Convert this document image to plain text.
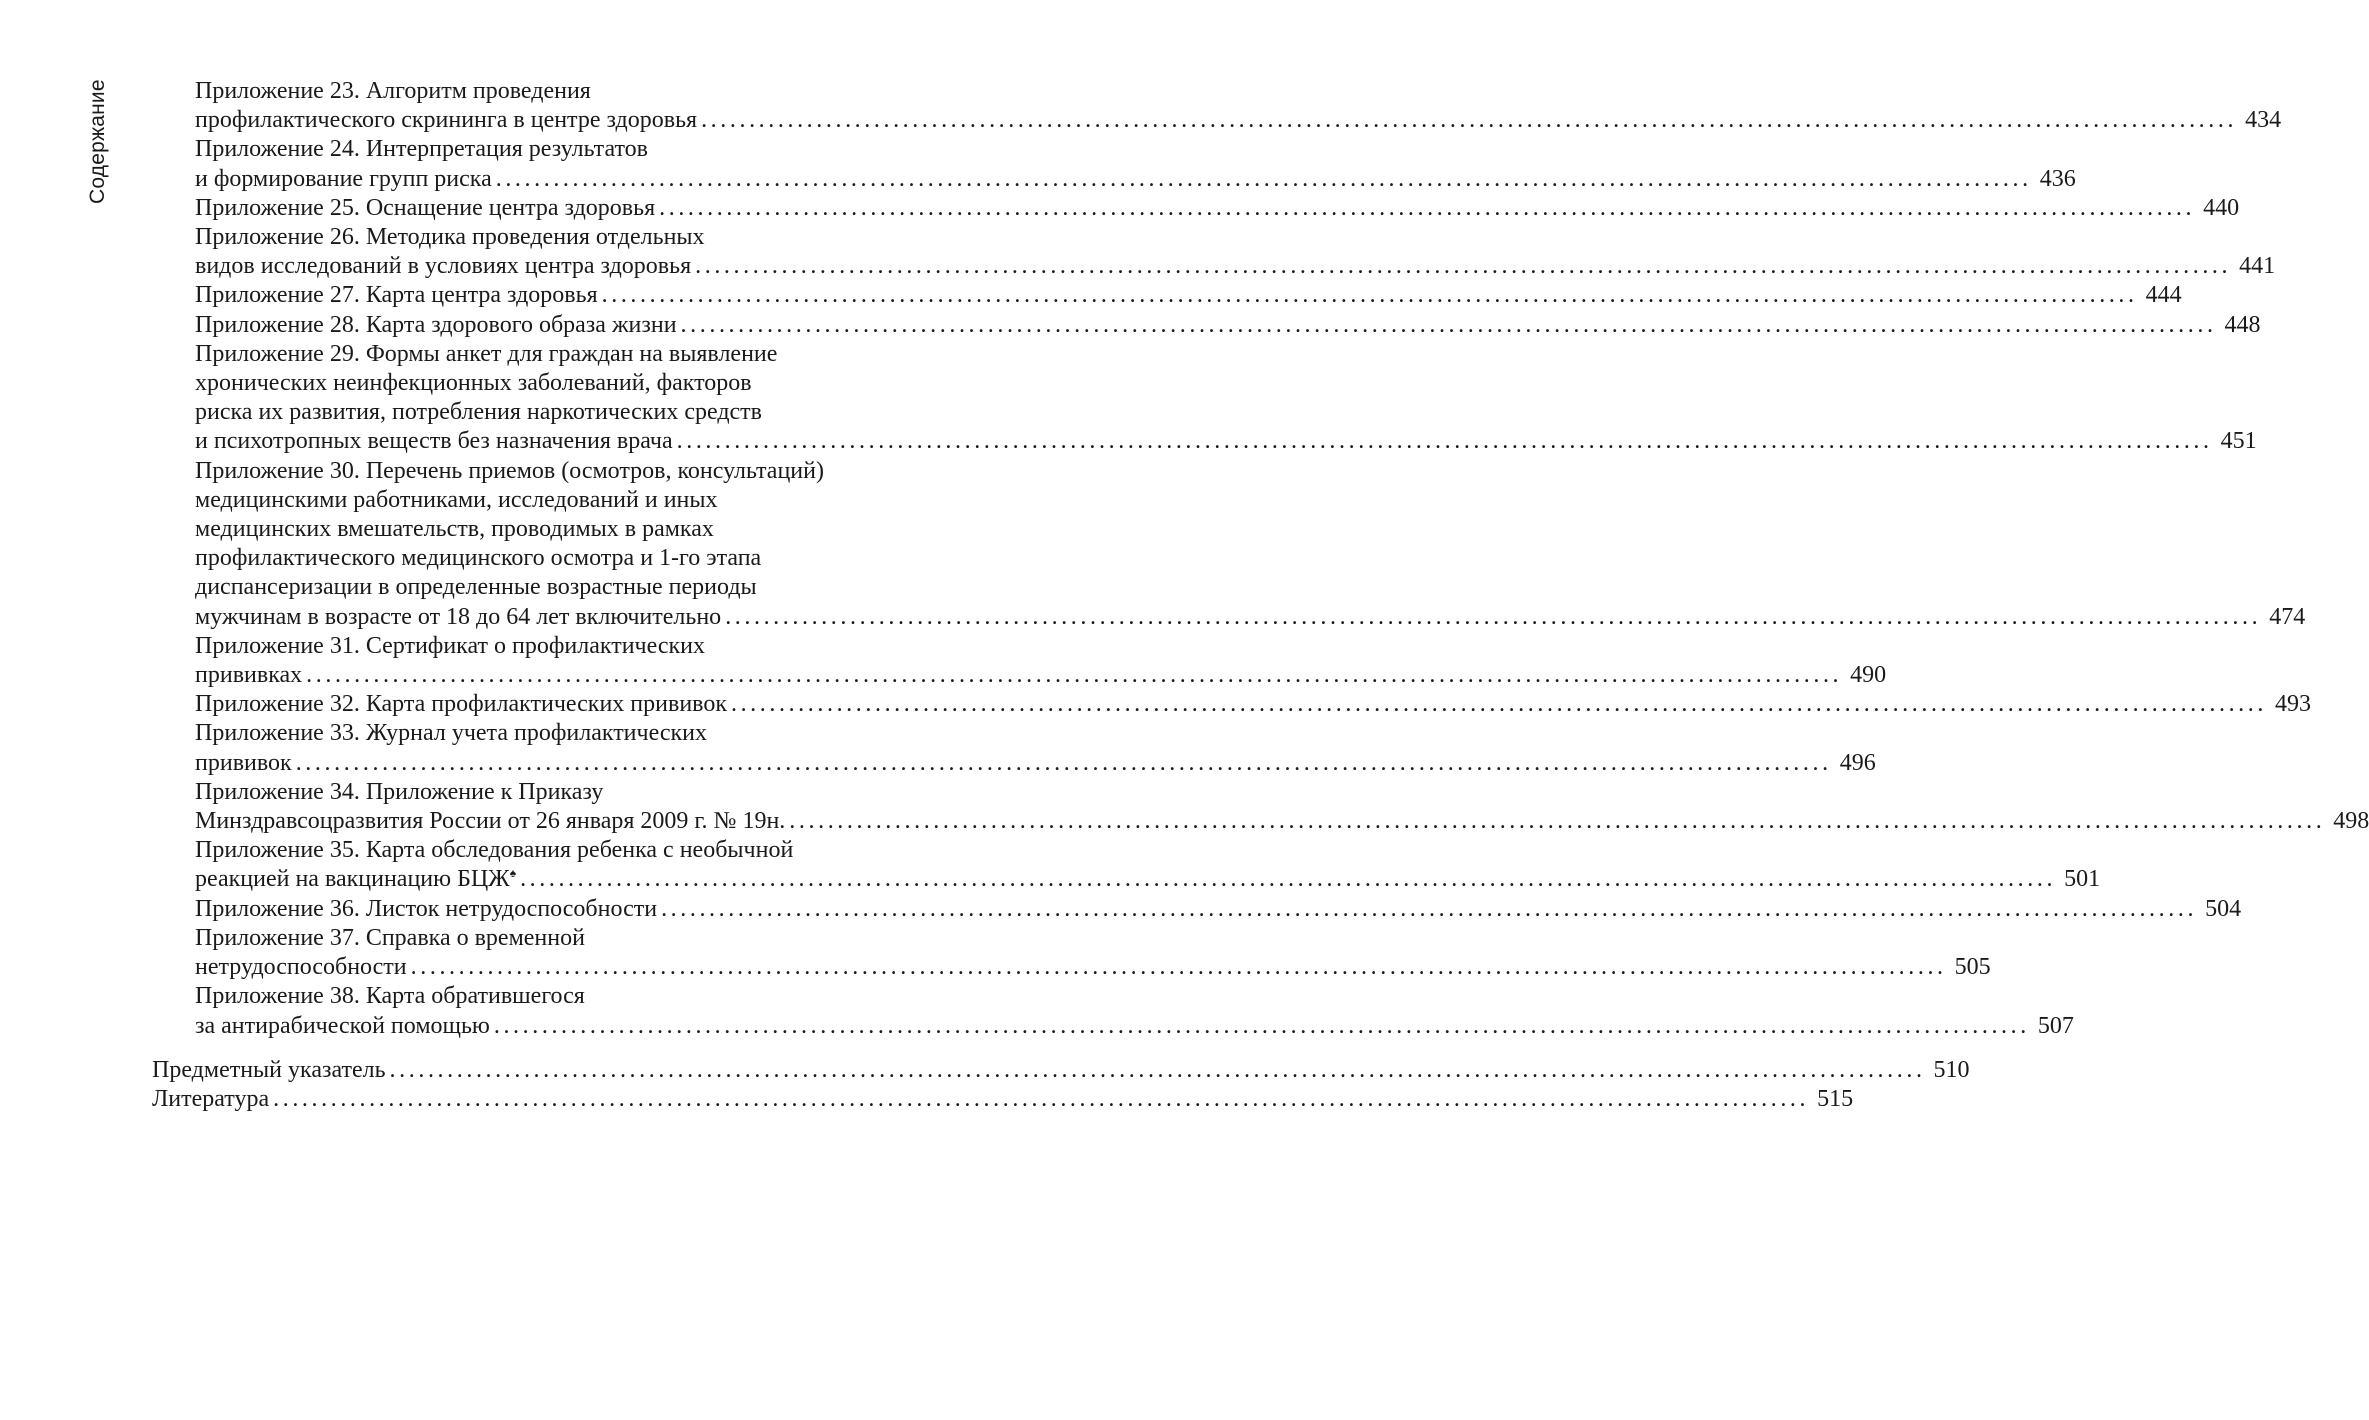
Содержание	Приложение 23. Алгоритм проведения
профилактического скрининга в центре здоровья ................................................................................................................................................................ 434
Приложение 24. Интерпретация результатов
и формирование групп риска ................................................................................................................................................................ 436
Приложение 25. Оснащение центра здоровья ................................................................................................................................................................ 440
Приложение 26. Методика проведения отдельных
видов исследований в условиях центра здоровья ................................................................................................................................................................ 441
Приложение 27. Карта центра здоровья ................................................................................................................................................................ 444
Приложение 28. Карта здорового образа жизни ................................................................................................................................................................ 448
Приложение 29. Формы анкет для граждан на выявление
хронических неинфекционных заболеваний, факторов
риска их развития, потребления наркотических средств
и психотропных веществ без назначения врача ................................................................................................................................................................ 451
Приложение 30. Перечень приемов (осмотров, консультаций)
медицинскими работниками, исследований и иных
медицинских вмешательств, проводимых в рамках
профилактического медицинского осмотра и 1-го этапа
диспансеризации в определенные возрастные периоды
мужчинам в возрасте от 18 до 64 лет включительно ................................................................................................................................................................ 474
Приложение 31. Сертификат о профилактических
прививках ................................................................................................................................................................ 490
Приложение 32. Карта профилактических прививок ................................................................................................................................................................ 493
Приложение 33. Журнал учета профилактических
прививок ................................................................................................................................................................ 496
Приложение 34. Приложение к Приказу
Минздравсоцразвития России от 26 января 2009 г. № 19н. ................................................................................................................................................................ 498
Приложение 35. Карта обследования ребенка с необычной
реакцией на вакцинацию БЦЖ♠ ................................................................................................................................................................ 501
Приложение 36. Листок нетрудоспособности ................................................................................................................................................................ 504
Приложение 37. Справка о временной
нетрудоспособности ................................................................................................................................................................ 505
Приложение 38. Карта обратившегося
за антирабической помощью ................................................................................................................................................................ 507
Предметный указатель ................................................................................................................................................................ 510
Литература ................................................................................................................................................................ 515
